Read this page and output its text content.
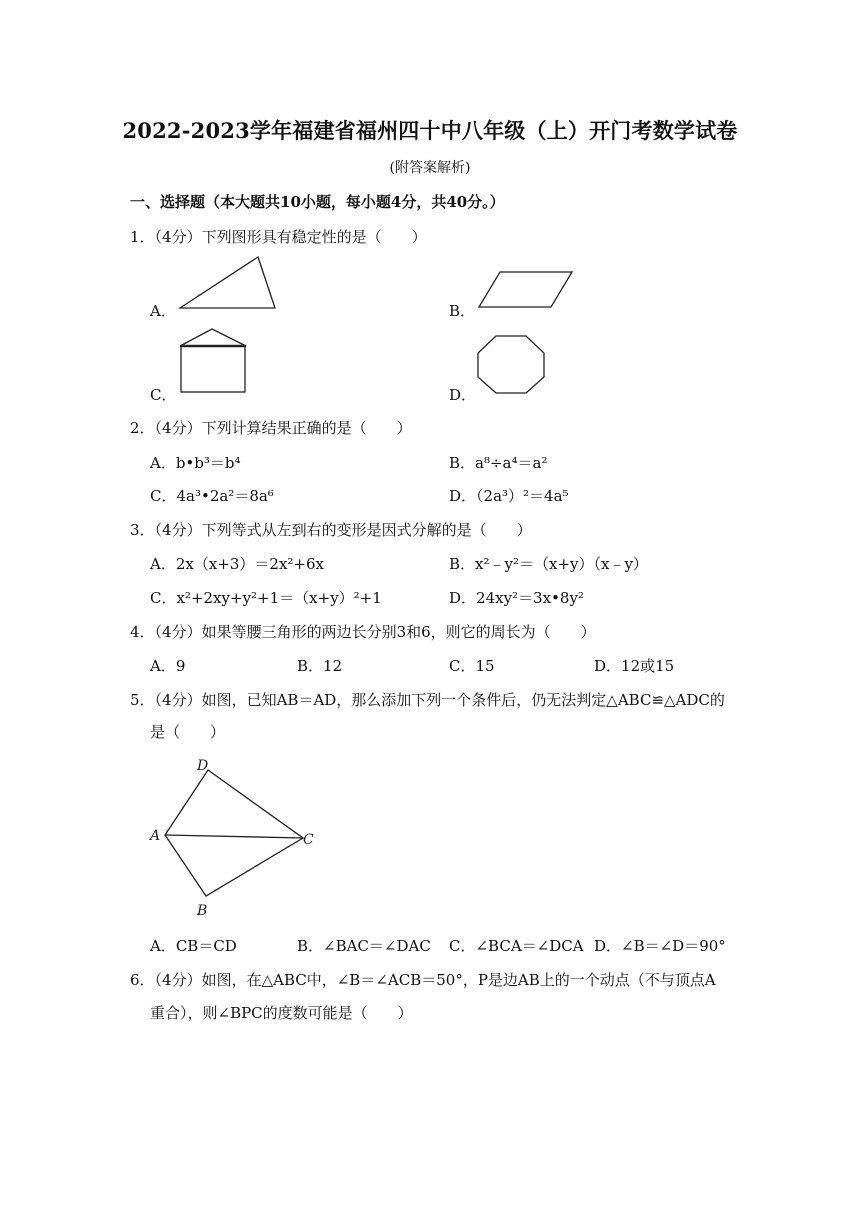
2022-2023学年福建省福州四十中八年级（上）开门考数学试卷
(附答案解析)
一、选择题（本大题共10小题，每小题4分，共40分。）
1．（4分）下列图形具有稳定性的是（　　）
A．	B．
C．	D．
2．（4分）下列计算结果正确的是（　　）
A．b•b³＝b⁴	B．a⁸÷a⁴＝a²
C．4a³•2a²＝8a⁶	D．（2a³）²＝4a⁵
3．（4分）下列等式从左到右的变形是因式分解的是（　　）
A．2x（x+3）＝2x²+6x	B．x²﹣y²＝（x+y）（x﹣y）
C．x²+2xy+y²+1＝（x+y）²+1	D．24xy²＝3x•8y²
4．（4分）如果等腰三角形的两边长分别3和6，则它的周长为（　　）
A．9	B．12	C．15	D．12或15
5．（4分）如图，已知AB＝AD，那么添加下列一个条件后，仍无法判定△ABC≌△ADC的
是（　　）
D
A	C
B
A．CB＝CD	B．∠BAC＝∠DAC C．∠BCA＝∠DCA D．∠B＝∠D＝90°
6．（4分）如图，在△ABC中，∠B＝∠ACB＝50°，P是边AB上的一个动点（不与顶点A
重合），则∠BPC的度数可能是（　　）
